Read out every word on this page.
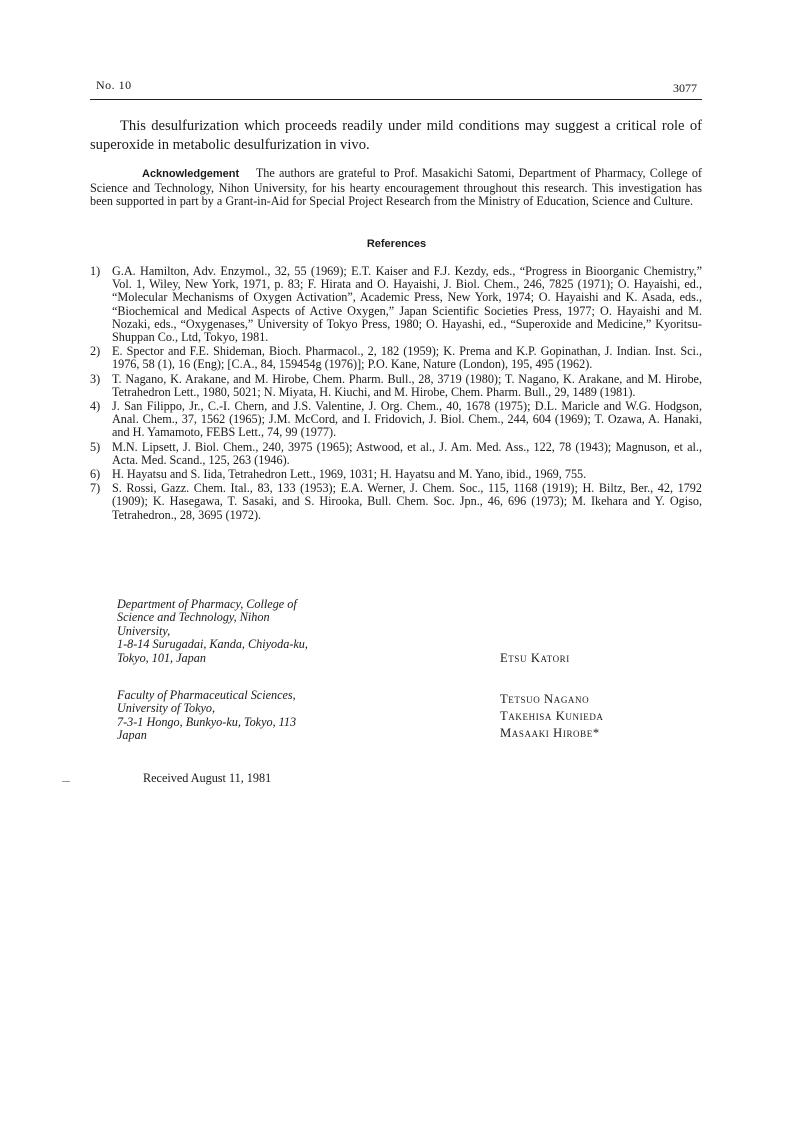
No. 10	3077

This desulfurization which proceeds readily under mild conditions may suggest a critical role of superoxide in metabolic desulfurization in vivo.

Acknowledgement The authors are grateful to Prof. Masakichi Satomi, Department of Pharmacy, College of Science and Technology, Nihon University, for his hearty encouragement throughout this research. This investigation has been supported in part by a Grant-in-Aid for Special Project Research from the Ministry of Education, Science and Culture.

References
1) G.A. Hamilton, Adv. Enzymol., 32, 55 (1969); E.T. Kaiser and F.J. Kezdy, eds., “Progress in Bioorganic Chemistry,” Vol. 1, Wiley, New York, 1971, p. 83; F. Hirata and O. Hayaishi, J. Biol. Chem., 246, 7825 (1971); O. Hayaishi, ed., “Molecular Mechanisms of Oxygen Activation”, Academic Press, New York, 1974; O. Hayaishi and K. Asada, eds., “Biochemical and Medical Aspects of Active Oxygen,” Japan Scientific Societies Press, 1977; O. Hayaishi and M. Nozaki, eds., “Oxygenases,” University of Tokyo Press, 1980; O. Hayashi, ed., “Superoxide and Medicine,” Kyoritsu-Shuppan Co., Ltd, Tokyo, 1981.
2) E. Spector and F.E. Shideman, Bioch. Pharmacol., 2, 182 (1959); K. Prema and K.P. Gopinathan, J. Indian. Inst. Sci., 1976, 58 (1), 16 (Eng); [C.A., 84, 159454g (1976)]; P.O. Kane, Nature (London), 195, 495 (1962).
3) T. Nagano, K. Arakane, and M. Hirobe, Chem. Pharm. Bull., 28, 3719 (1980); T. Nagano, K. Arakane, and M. Hirobe, Tetrahedron Lett., 1980, 5021; N. Miyata, H. Kiuchi, and M. Hirobe, Chem. Pharm. Bull., 29, 1489 (1981).
4) J. San Filippo, Jr., C.-I. Chern, and J.S. Valentine, J. Org. Chem., 40, 1678 (1975); D.L. Maricle and W.G. Hodgson, Anal. Chem., 37, 1562 (1965); J.M. McCord, and I. Fridovich, J. Biol. Chem., 244, 604 (1969); T. Ozawa, A. Hanaki, and H. Yamamoto, FEBS Lett., 74, 99 (1977).
5) M.N. Lipsett, J. Biol. Chem., 240, 3975 (1965); Astwood, et al., J. Am. Med. Ass., 122, 78 (1943); Magnuson, et al., Acta. Med. Scand., 125, 263 (1946).
6) H. Hayatsu and S. Iida, Tetrahedron Lett., 1969, 1031; H. Hayatsu and M. Yano, ibid., 1969, 755.
7) S. Rossi, Gazz. Chem. Ital., 83, 133 (1953); E.A. Werner, J. Chem. Soc., 115, 1168 (1919); H. Biltz, Ber., 42, 1792 (1909); K. Hasegawa, T. Sasaki, and S. Hirooka, Bull. Chem. Soc. Jpn., 46, 696 (1973); M. Ikehara and Y. Ogiso, Tetrahedron., 28, 3695 (1972).
Department of Pharmacy, College of
Science and Technology, Nihon
University,
1-8-14 Surugadai, Kanda, Chiyoda-ku,
Tokyo, 101, Japan
Faculty of Pharmaceutical Sciences,
University of Tokyo,
7-3-1 Hongo, Bunkyo-ku, Tokyo, 113
Japan
Etsu Katori
Tetsuo Nagano
Takehisa Kunieda
Masaaki Hirobe*
Received August 11, 1981
